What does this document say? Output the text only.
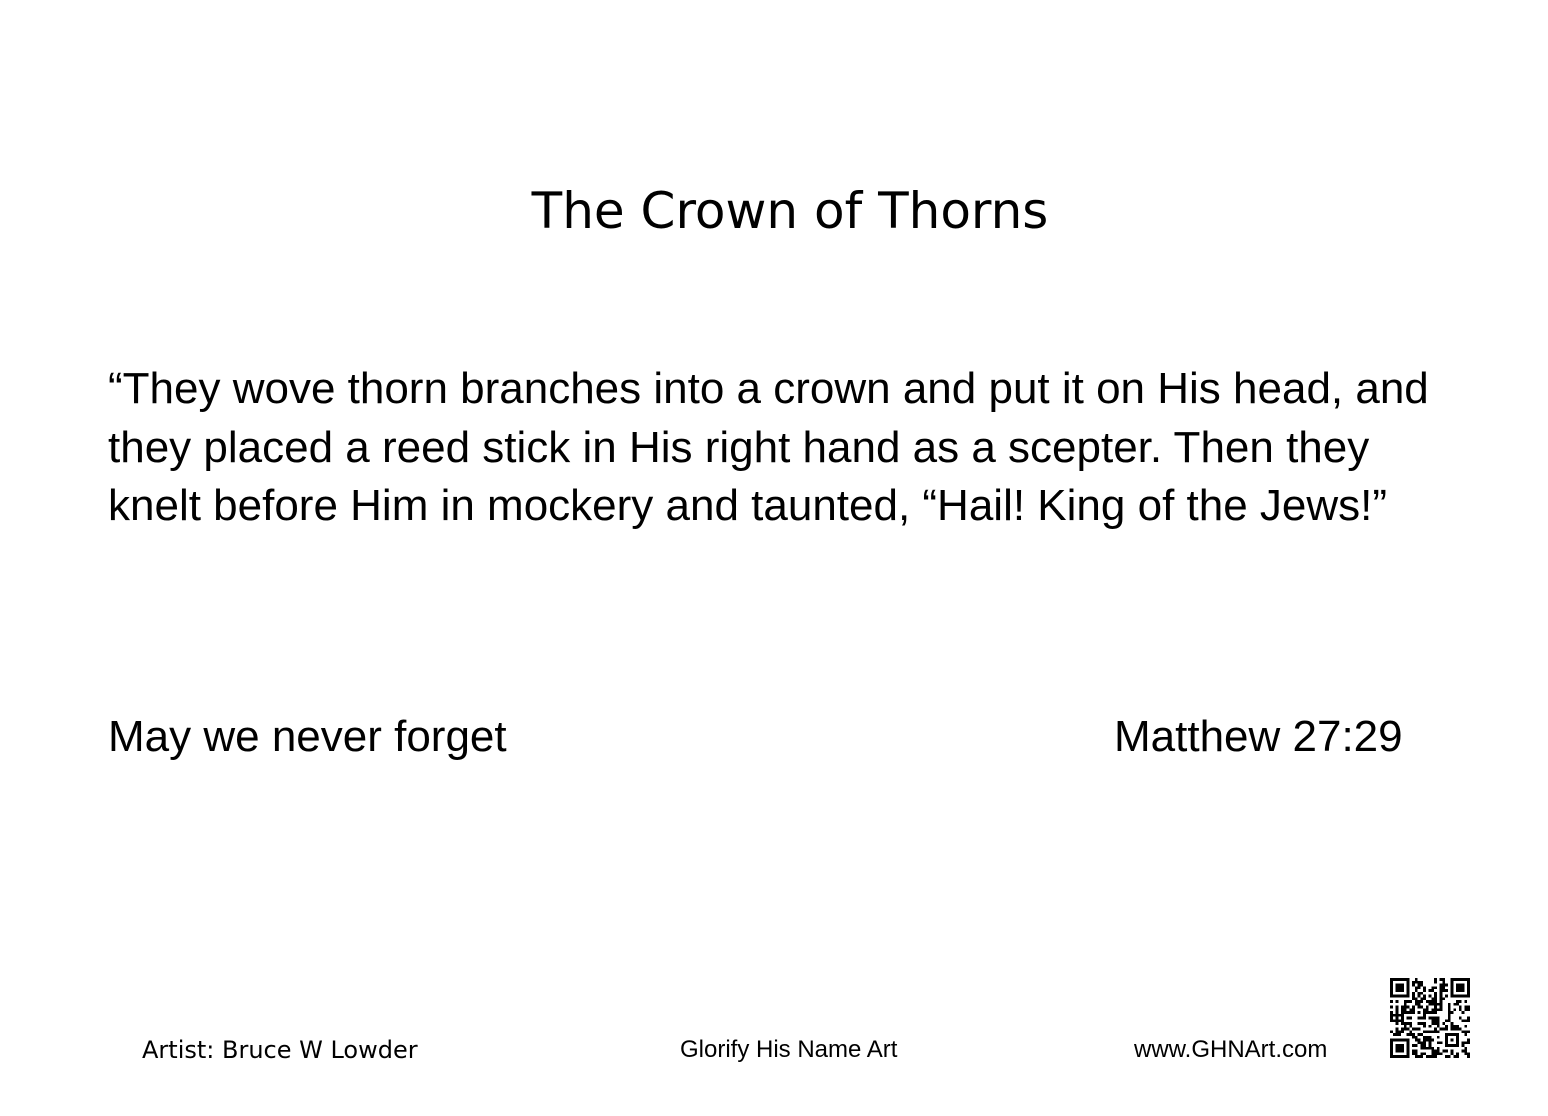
The Crown of Thorns

“They wove thorn branches into a crown and put it on His head, and they placed a reed stick in His right hand as a scepter. Then they knelt before Him in mockery and taunted, “Hail! King of the Jews!”

May we never forget	Matthew 27:29
Artist: Bruce W Lowder	Glorify His Name Art	www.GHNArt.com
